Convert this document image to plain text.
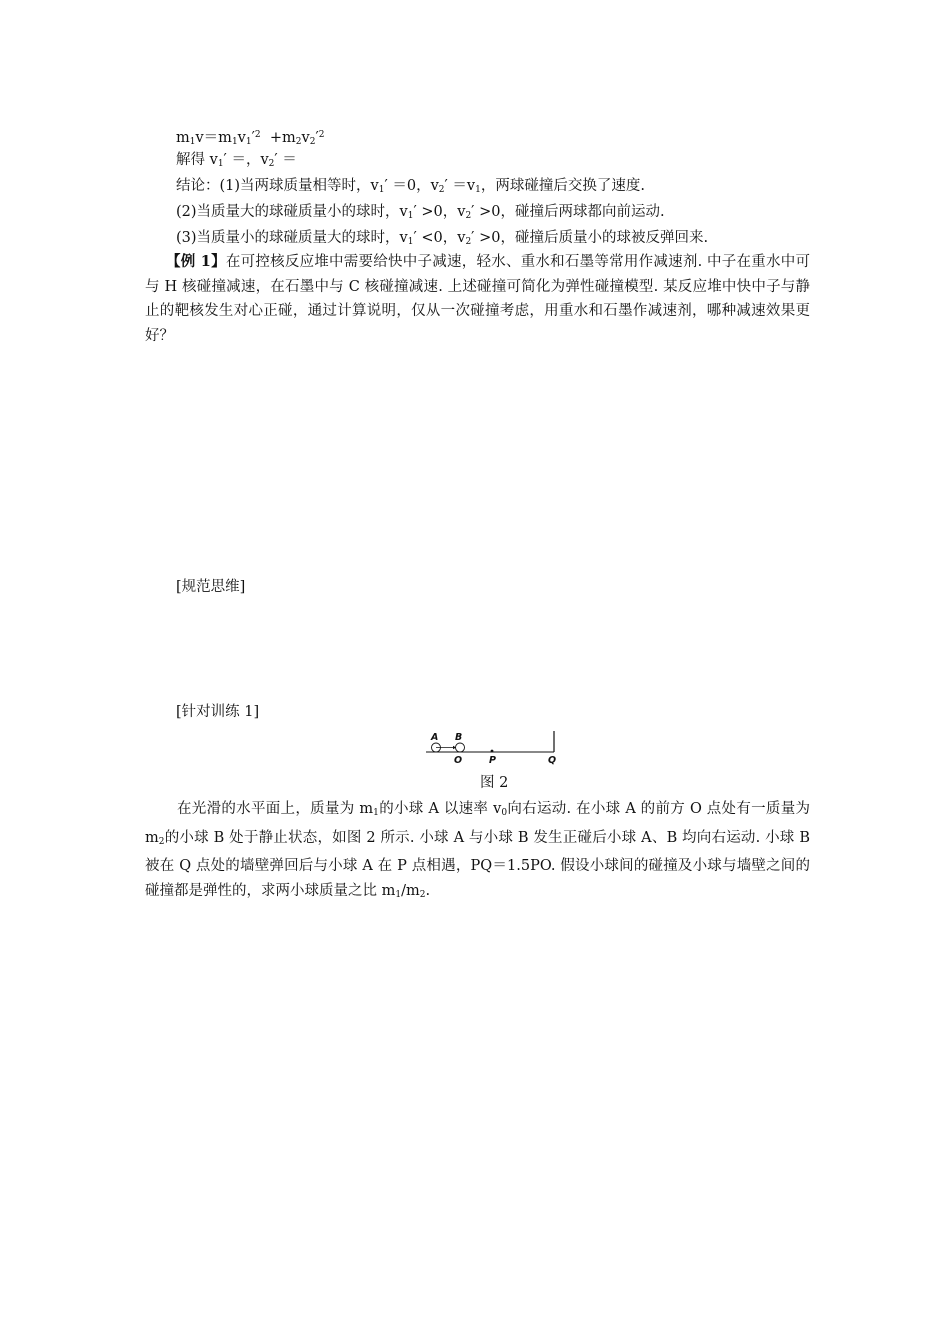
$m_1v=m_1v_1'^2 +m_2v_2'^2$
解得 $v_1'$ ＝，$v_2'$ ＝
结论：(1)当两球质量相等时，$v_1' =0$，$v_2' =v_1$，两球碰撞后交换了速度.
(2)当质量大的球碰质量小的球时，$v_1' >0$，$v_2' >0$，碰撞后两球都向前运动.
(3)当质量小的球碰质量大的球时，$v_1' <0$，$v_2' >0$，碰撞后质量小的球被反弹回来.
【例 1】在可控核反应堆中需要给快中子减速，轻水、重水和石墨等常用作减速剂. 中子在重水中可与 H 核碰撞减速，在石墨中与 C 核碰撞减速. 上述碰撞可简化为弹性碰撞模型. 某反应堆中快中子与静止的靶核发生对心正碰，通过计算说明，仅从一次碰撞考虑，用重水和石墨作减速剂，哪种减速效果更好？
[规范思维]
[针对训练 1]
A B
O	P	Q
图 2
在光滑的水平面上，质量为 $m_1$的小球 A 以速率 $v_0$向右运动. 在小球 A 的前方 O 点处有一质量为 $m_2$的小球 B 处于静止状态，如图 2 所示. 小球 A 与小球 B 发生正碰后小球 A、B 均向右运动. 小球 B 被在 Q 点处的墙壁弹回后与小球 A 在 P 点相遇，PQ＝1.5PO. 假设小球间的碰撞及小球与墙壁之间的碰撞都是弹性的，求两小球质量之比 $m_1/m_2$.
